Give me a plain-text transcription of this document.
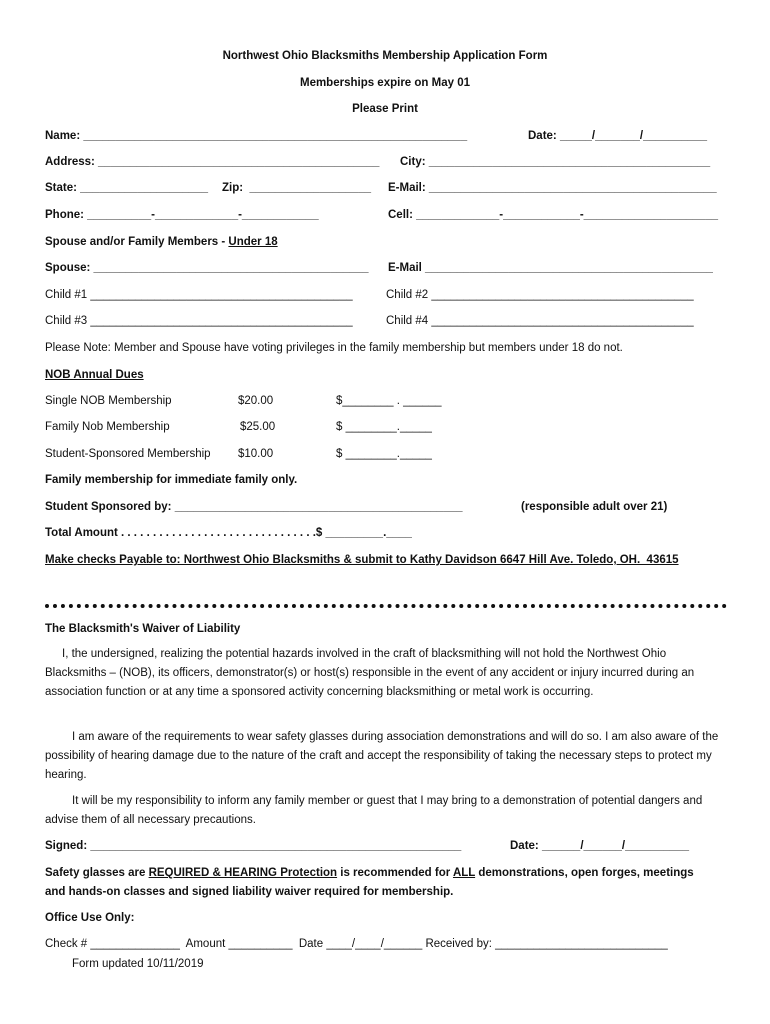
Northwest Ohio Blacksmiths Membership Application Form
Memberships expire on May 01
Please Print
Name: ____________________________________________________________	Date: _____/_______/__________
Address: ____________________________________________ City: ____________________________________________
State: ____________________ Zip:  ___________________ E-Mail: _____________________________________________
Phone: __________-_____________-____________	Cell: _____________-____________-_____________________
Spouse and/or Family Members - Under 18
Spouse: ___________________________________________ E-Mail _____________________________________________
Child #1 _________________________________________	Child #2 _________________________________________
Child #3 _________________________________________	Child #4 _________________________________________
Please Note: Member and Spouse have voting privileges in the family membership but members under 18 do not.
NOB Annual Dues
Single NOB Membership	$20.00	$________ . ______
Family Nob Membership	$25.00	$ ________._____
Student-Sponsored Membership $10.00	$ ________._____
Family membership for immediate family only.
Student Sponsored by: _____________________________________________	(responsible adult over 21)
Total Amount . . . . . . . . . . . . . . . . . . . . . . . . . . . . . . .$ _________.____
Make checks Payable to: Northwest Ohio Blacksmiths & submit to Kathy Davidson 6647 Hill Ave. Toledo, OH.  43615
The Blacksmith's Waiver of Liability
I, the undersigned, realizing the potential hazards involved in the craft of blacksmithing will not hold the Northwest Ohio Blacksmiths – (NOB), its officers, demonstrator(s) or host(s) responsible in the event of any accident or injury incurred during an association function or at any time a sponsored activity concerning blacksmithing or metal work is occurring.
I am aware of the requirements to wear safety glasses during association demonstrations and will do so. I am also aware of the possibility of hearing damage due to the nature of the craft and accept the responsibility of taking the necessary steps to protect my hearing.
It will be my responsibility to inform any family member or guest that I may bring to a demonstration of potential dangers and advise them of all necessary precautions.
Signed: __________________________________________________________	Date: ______/______/__________
Safety glasses are REQUIRED & HEARING Protection is recommended for ALL demonstrations, open forges, meetings
and hands-on classes and signed liability waiver required for membership.
Office Use Only:
Check # ______________  Amount __________  Date ____/____/______ Received by: ___________________________
Form updated 10/11/2019
